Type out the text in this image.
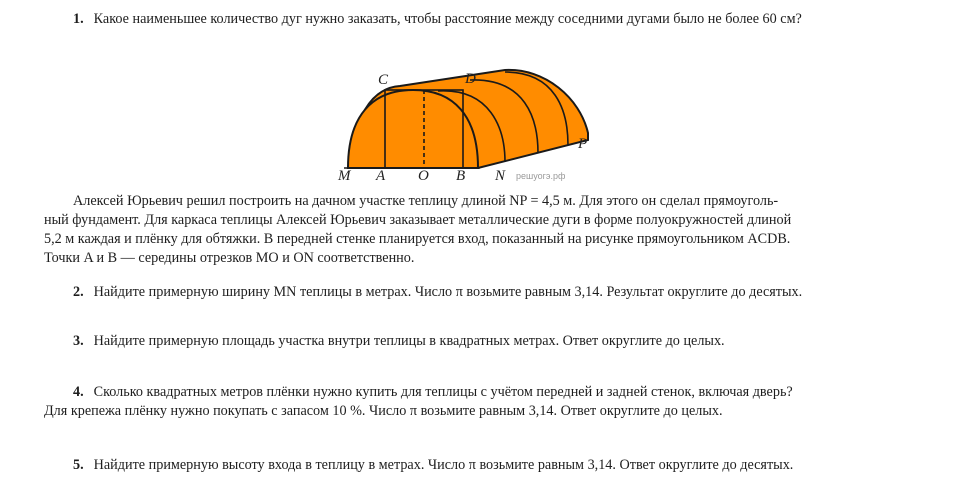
1. Какое наименьшее количество дуг нужно заказать, чтобы расстояние между соседними дугами было не более 60 см?
C	D
P
M A O B N решуогэ.рф
Алексей Юрьевич решил построить на дачном участке теплицу длиной NP = 4,5 м. Для этого он сделал прямоуголь-
ный фундамент. Для каркаса теплицы Алексей Юрьевич заказывает металлические дуги в форме полуокружностей длиной
5,2 м каждая и плёнку для обтяжки. В передней стенке планируется вход, показанный на рисунке прямоугольником ACDB.
Точки A и B — середины отрезков MO и ON соответственно.
2. Найдите примерную ширину MN теплицы в метрах. Число π возьмите равным 3,14. Результат округлите до десятых.
3. Найдите примерную площадь участка внутри теплицы в квадратных метрах. Ответ округлите до целых.
4. Сколько квадратных метров плёнки нужно купить для теплицы с учётом передней и задней стенок, включая дверь?
Для крепежа плёнку нужно покупать с запасом 10 %. Число π возьмите равным 3,14. Ответ округлите до целых.
5. Найдите примерную высоту входа в теплицу в метрах. Число π возьмите равным 3,14. Ответ округлите до десятых.
